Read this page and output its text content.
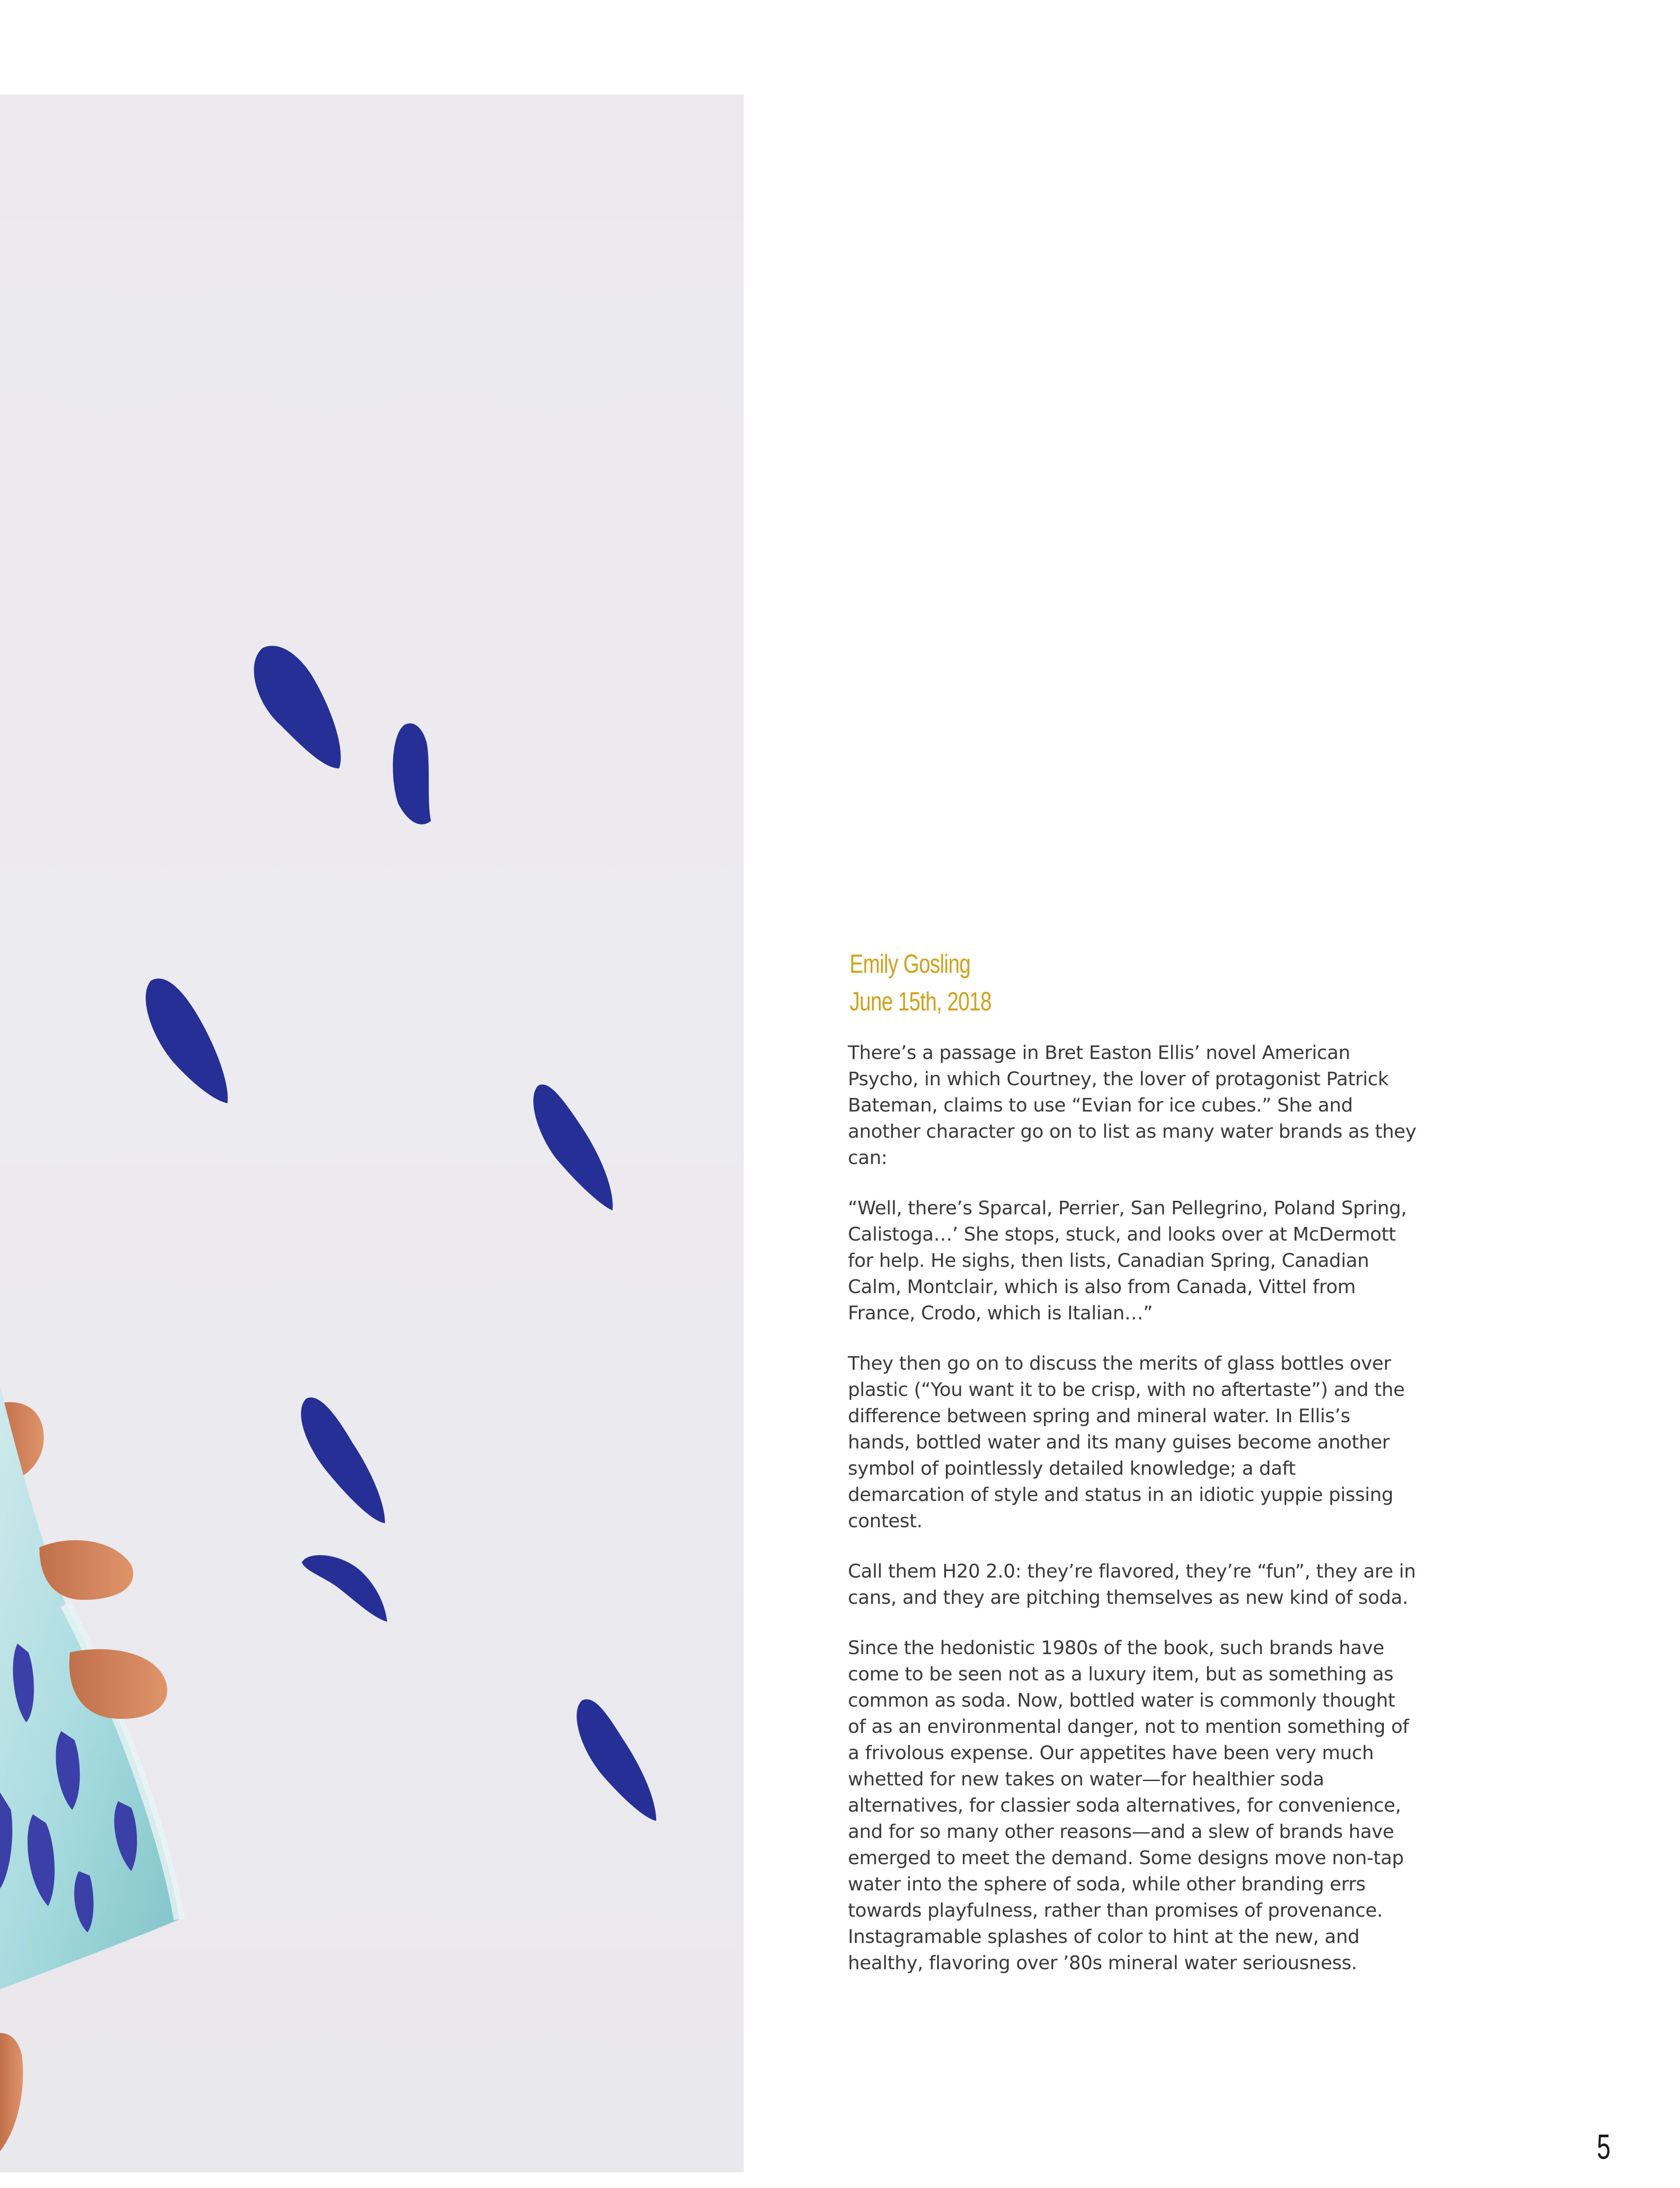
Emily Gosling
June 15th, 2018

There’s a passage in Bret Easton Ellis’ novel American Psycho, in which Courtney, the lover of protagonist Patrick Bateman, claims to use “Evian for ice cubes.” She and another character go on to list as many water brands as they can:

“Well, there’s Sparcal, Perrier, San Pellegrino, Poland Spring, Calistoga…’ She stops, stuck, and looks over at McDermott for help. He sighs, then lists, Canadian Spring, Canadian Calm, Montclair, which is also from Canada, Vittel from France, Crodo, which is Italian…”

They then go on to discuss the merits of glass bottles over plastic (“You want it to be crisp, with no aftertaste”) and the difference between spring and mineral water. In Ellis’s hands, bottled water and its many guises become another symbol of pointlessly detailed knowledge; a daft demarcation of style and status in an idiotic yuppie pissing contest.

Call them H20 2.0: they’re flavored, they’re “fun”, they are in cans, and they are pitching themselves as new kind of soda.

Since the hedonistic 1980s of the book, such brands have come to be seen not as a luxury item, but as something as common as soda. Now, bottled water is commonly thought of as an environmental danger, not to mention something of a frivolous expense. Our appetites have been very much whetted for new takes on water—for healthier soda alternatives, for classier soda alternatives, for convenience, and for so many other reasons—and a slew of brands have emerged to meet the demand. Some designs move non-tap water into the sphere of soda, while other branding errs towards playfulness, rather than promises of provenance. Instagramable splashes of color to hint at the new, and healthy, flavoring over ’80s mineral water seriousness.

5
